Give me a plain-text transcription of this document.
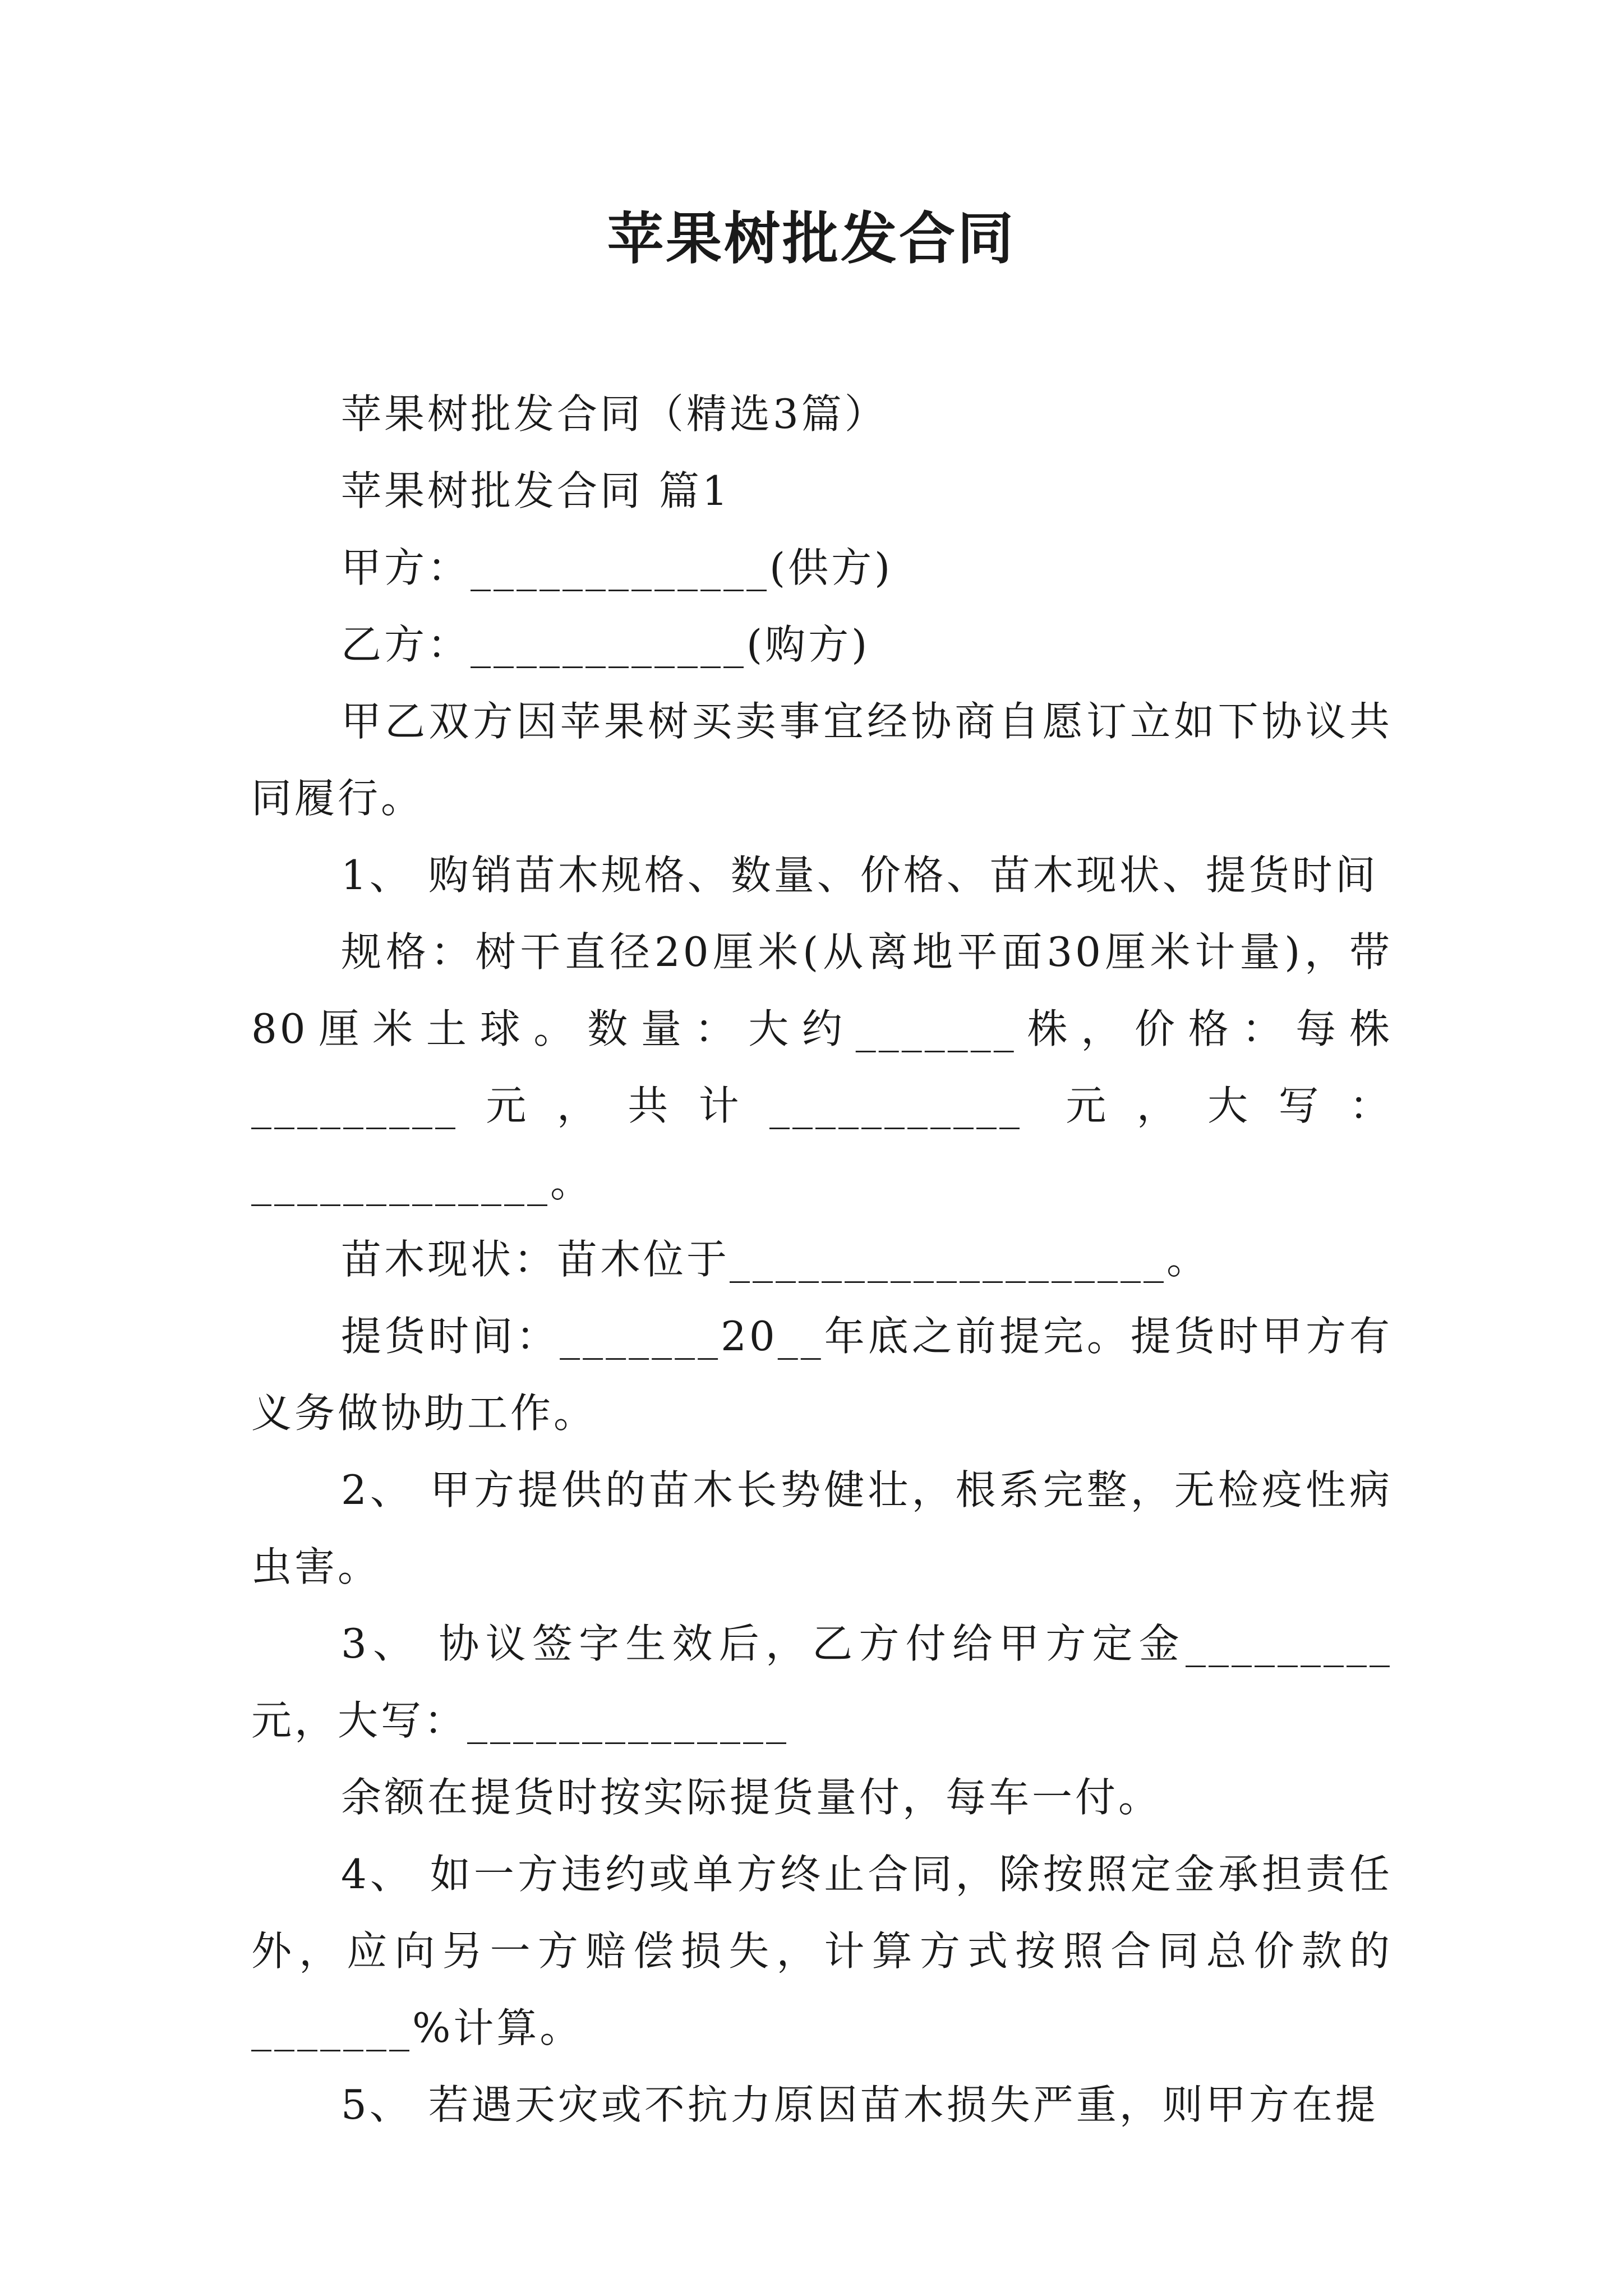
苹果树批发合同

苹果树批发合同（精选3篇）

苹果树批发合同 篇1

甲方：_____________(供方)

乙方：____________(购方)

甲乙双方因苹果树买卖事宜经协商自愿订立如下协议共同履行。

1、 购销苗木规格、数量、价格、苗木现状、提货时间

规格：树干直径20厘米(从离地平面30厘米计量)，带80厘米土球。数量：大约_______株，价格：每株_________元，共计___________ 元，大写：_____________。

苗木现状：苗木位于___________________。

提货时间：_______20__年底之前提完。提货时甲方有义务做协助工作。

2、 甲方提供的苗木长势健壮，根系完整，无检疫性病虫害。

3、 协议签字生效后，乙方付给甲方定金_________元，大写：______________

余额在提货时按实际提货量付，每车一付。

4、 如一方违约或单方终止合同，除按照定金承担责任外，应向另一方赔偿损失，计算方式按照合同总价款的_______%计算。

5、 若遇天灾或不抗力原因苗木损失严重，则甲方在提
